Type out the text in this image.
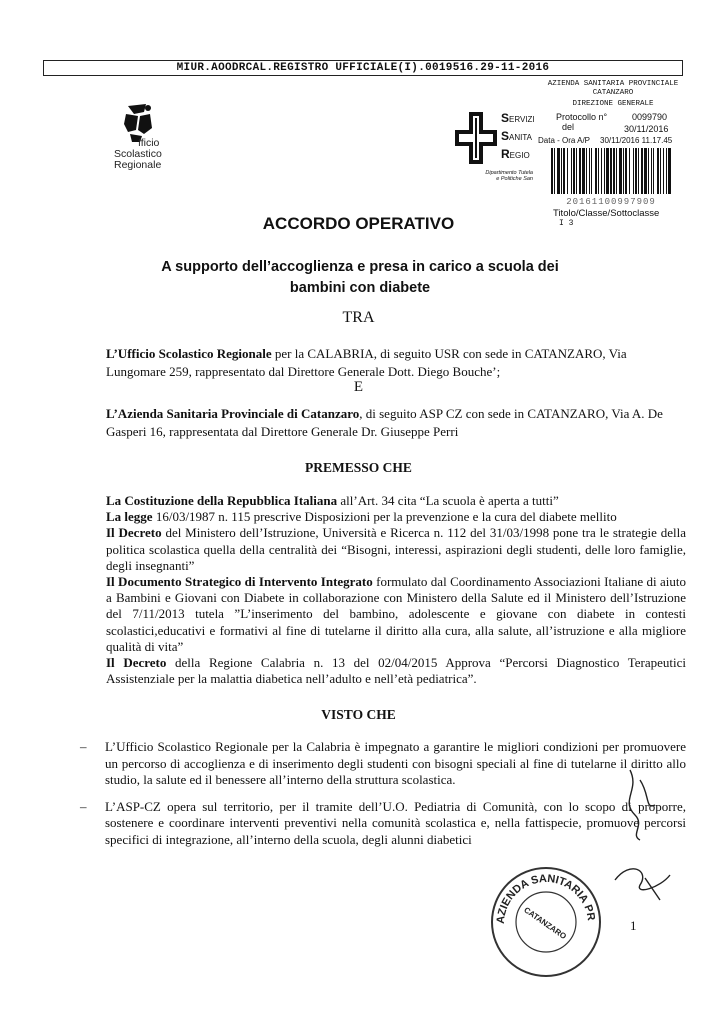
MIUR.AOODRCAL.REGISTRO UFFICIALE(I).0019516.29-11-2016
fficio
Scolastico
Regionale
SERVIZI
SANITA
REGIO
Dipartimento Tutela
e Politiche San
AZIENDA SANITARIA PROVINCIALE
CATANZARO
DIREZIONE GENERALE
Protocollo n°	0099790
del	30/11/2016
Data - Ora A/P 30/11/2016 11.17.45
20161100997909
Titolo/Classe/Sottoclasse
I 3
ACCORDO OPERATIVO
A supporto dell’accoglienza e presa in carico a scuola dei
bambini con diabete
TRA
L’Ufficio Scolastico Regionale per la CALABRIA, di seguito USR con sede in CATANZARO, Via Lungomare 259, rappresentato dal Direttore Generale Dott. Diego Bouche’;
E
L’Azienda Sanitaria Provinciale di Catanzaro, di seguito ASP CZ con sede in CATANZARO, Via A. De Gasperi 16, rappresentata dal Direttore Generale Dr. Giuseppe Perri
PREMESSO CHE

La Costituzione della Repubblica Italiana all’Art. 34 cita “La scuola è aperta a tutti”

La legge 16/03/1987 n. 115 prescrive Disposizioni per la prevenzione e la cura del diabete mellito

Il Decreto del Ministero dell’Istruzione, Università e Ricerca n. 112 del 31/03/1998 pone tra le strategie della politica scolastica quella della centralità dei “Bisogni, interessi, aspirazioni degli studenti, delle loro famiglie, degli insegnanti”

Il Documento Strategico di Intervento Integrato formulato dal Coordinamento Associazioni Italiane di aiuto a Bambini e Giovani con Diabete in collaborazione con Ministero della Salute ed il Ministero dell’Istruzione del 7/11/2013 tutela ”L’inserimento del bambino, adolescente e giovane con diabete in contesti scolastici,educativi e formativi al fine di tutelarne il diritto alla cura, alla salute, all’istruzione e alla migliore qualità di vita”

Il Decreto della Regione Calabria n. 13 del 02/04/2015 Approva “Percorsi Diagnostico Terapeutici Assistenziale per la malattia diabetica nell’adulto e nell’età pediatrica”.

VISTO CHE
– L’Ufficio Scolastico Regionale per la Calabria è impegnato a garantire le migliori condizioni per promuovere un percorso di accoglienza e di inserimento degli studenti con bisogni speciali al fine di tutelarne il diritto allo studio, la salute ed il benessere all’interno della struttura scolastica.
– L’ASP-CZ opera sul territorio, per il tramite dell’U.O. Pediatria di Comunità, con lo scopo di proporre, sostenere e coordinare interventi preventivi nella comunità scolastica e, nella fattispecie, promuove percorsi specifici di integrazione, all’interno della scuola, degli alunni diabetici
AZIENDA SANITARIA PR
CATANZARO	1
